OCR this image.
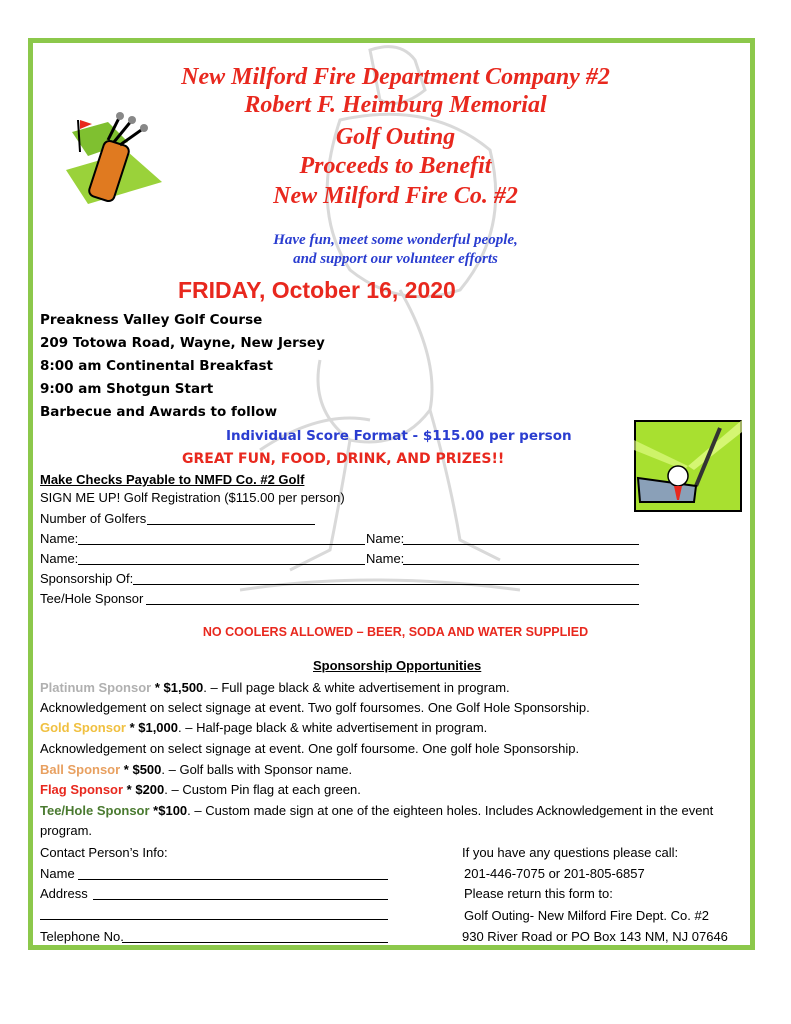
New Milford Fire Department Company #2
Robert F. Heimburg Memorial
Golf Outing
Proceeds to Benefit
New Milford Fire Co. #2
Have fun, meet some wonderful people,
and support our volunteer efforts
FRIDAY, October 16, 2020
Preakness Valley Golf Course
209 Totowa Road, Wayne, New Jersey
8:00 am Continental Breakfast
9:00 am Shotgun Start
Barbecue and Awards to follow
Individual Score Format - $115.00 per person
GREAT FUN, FOOD, DRINK, AND PRIZES!!
Make Checks Payable to NMFD Co. #2 Golf
SIGN ME UP! Golf Registration ($115.00 per person)
Number of Golfers
Name:	Name:
Name:	Name:
Sponsorship Of:
Tee/Hole Sponsor
NO COOLERS ALLOWED – BEER, SODA AND WATER SUPPLIED
Sponsorship Opportunities
Platinum Sponsor * $1,500. – Full page black & white advertisement in program.
Acknowledgement on select signage at event. Two golf foursomes. One Golf Hole Sponsorship.
Gold Sponsor * $1,000. – Half-page black & white advertisement in program.
Acknowledgement on select signage at event. One golf foursome. One golf hole Sponsorship.
Ball Sponsor * $500. – Golf balls with Sponsor name.
Flag Sponsor * $200. – Custom Pin flag at each green.
Tee/Hole Sponsor *$100. – Custom made sign at one of the eighteen holes. Includes Acknowledgement in the event
program.
Contact Person’s Info:
Name
Address
Telephone No.
If you have any questions please call:
201-446-7075 or 201-805-6857
Please return this form to:
Golf Outing- New Milford Fire Dept. Co. #2
930 River Road or PO Box 143 NM, NJ 07646
